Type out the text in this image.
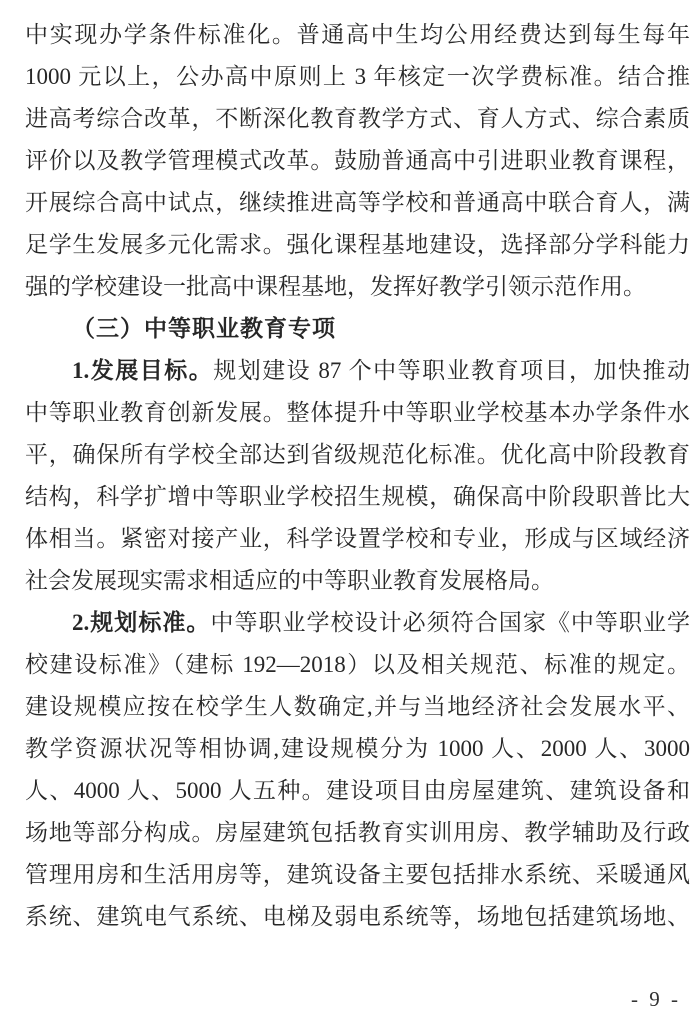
中实现办学条件标准化。普通高中生均公用经费达到每生每年
1000 元以上，公办高中原则上 3 年核定一次学费标准。结合推
进高考综合改革，不断深化教育教学方式、育人方式、综合素质
评价以及教学管理模式改革。鼓励普通高中引进职业教育课程，
开展综合高中试点，继续推进高等学校和普通高中联合育人，满
足学生发展多元化需求。强化课程基地建设，选择部分学科能力
强的学校建设一批高中课程基地，发挥好教学引领示范作用。
（三）中等职业教育专项
1.发展目标。规划建设 87 个中等职业教育项目，加快推动
中等职业教育创新发展。整体提升中等职业学校基本办学条件水
平，确保所有学校全部达到省级规范化标准。优化高中阶段教育
结构，科学扩增中等职业学校招生规模，确保高中阶段职普比大
体相当。紧密对接产业，科学设置学校和专业，形成与区域经济
社会发展现实需求相适应的中等职业教育发展格局。
2.规划标准。中等职业学校设计必须符合国家《中等职业学
校建设标准》（建标 192—2018）以及相关规范、标准的规定。
建设规模应按在校学生人数确定,并与当地经济社会发展水平、
教学资源状况等相协调,建设规模分为 1000 人、2000 人、3000
人、4000 人、5000 人五种。建设项目由房屋建筑、建筑设备和
场地等部分构成。房屋建筑包括教育实训用房、教学辅助及行政
管理用房和生活用房等，建筑设备主要包括排水系统、采暖通风
系统、建筑电气系统、电梯及弱电系统等，场地包括建筑场地、
- 9 -
